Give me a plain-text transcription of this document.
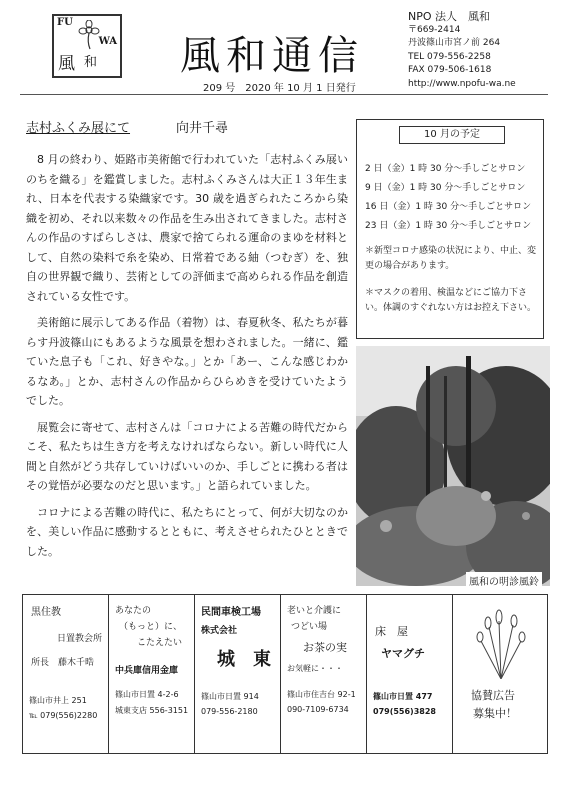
FU
WA
風 和 風和通信
209 号　2020 年 10 月 1 日発行
NPO 法人　風和
〒669-2414
丹波篠山市宮ノ前 264
TEL 079-556-2258
FAX 079-506-1618
http://www.npofu-wa.ne
志村ふくみ展にて	向井千尋

8 月の終わり、姫路市美術館で行われていた「志村ふくみ展いのちを織る」を鑑賞しました。志村ふくみさんは大正１３年生まれ、日本を代表する染織家です。30 歳を過ぎられたころから染織を初め、それ以来数々の作品を生み出されてきました。志村さんの作品のすばらしさは、農家で捨てられる運命のまゆを材料として、自然の染料で糸を染め、日常着である紬（つむぎ）を、独自の世界観で織り、芸術としての評価まで高められる作品を創造されている女性です。

美術館に展示してある作品（着物）は、春夏秋冬、私たちが暮らす丹波篠山にもあるような風景を想わされました。一緒に、鑑ていた息子も「これ、好きやな。」とか「あー、こんな感じわかるなあ。」とか、志村さんの作品からひらめきを受けていたようでした。

展覧会に寄せて、志村さんは「コロナによる苦難の時代だからこそ、私たちは生き方を考えなければならない。新しい時代に人間と自然がどう共存していけばいいのか、手しごとに携わる者はその覚悟が必要なのだと思います。」と語られていました。

コロナによる苦難の時代に、私たちにとって、何が大切なのかを、美しい作品に感動するとともに、考えさせられたひとときでした。

10 月の予定
2 日（金）1 時 30 分～手しごとサロン
9 日（金）1 時 30 分～手しごとサロン
16 日（金）1 時 30 分～手しごとサロン
23 日（金）1 時 30 分～手しごとサロン
＊新型コロナ感染の状況により、中止、変更の場合があります。
＊マスクの着用、検温などにご協力下さい。体調のすぐれない方はお控え下さい。
風和の明診風鈴
黒住教
日置教会所
所長　藤木千晧
篠山市井上 251
℡ 079(556)2280
あなたの
（もっと）に、
こたえたい
中兵庫信用金庫
篠山市日置 4-2-6
城東支店 556-3151
民間車検工場
株式会社
城　東
篠山市日置 914
079-556-2180
老いと介護に
つどい場
お茶の実
お気軽に・・・
篠山市住吉台 92-1
090-7109-6734
床　屋
ヤマグチ
篠山市日置 477
079(556)3828
協賛広告
募集中！
